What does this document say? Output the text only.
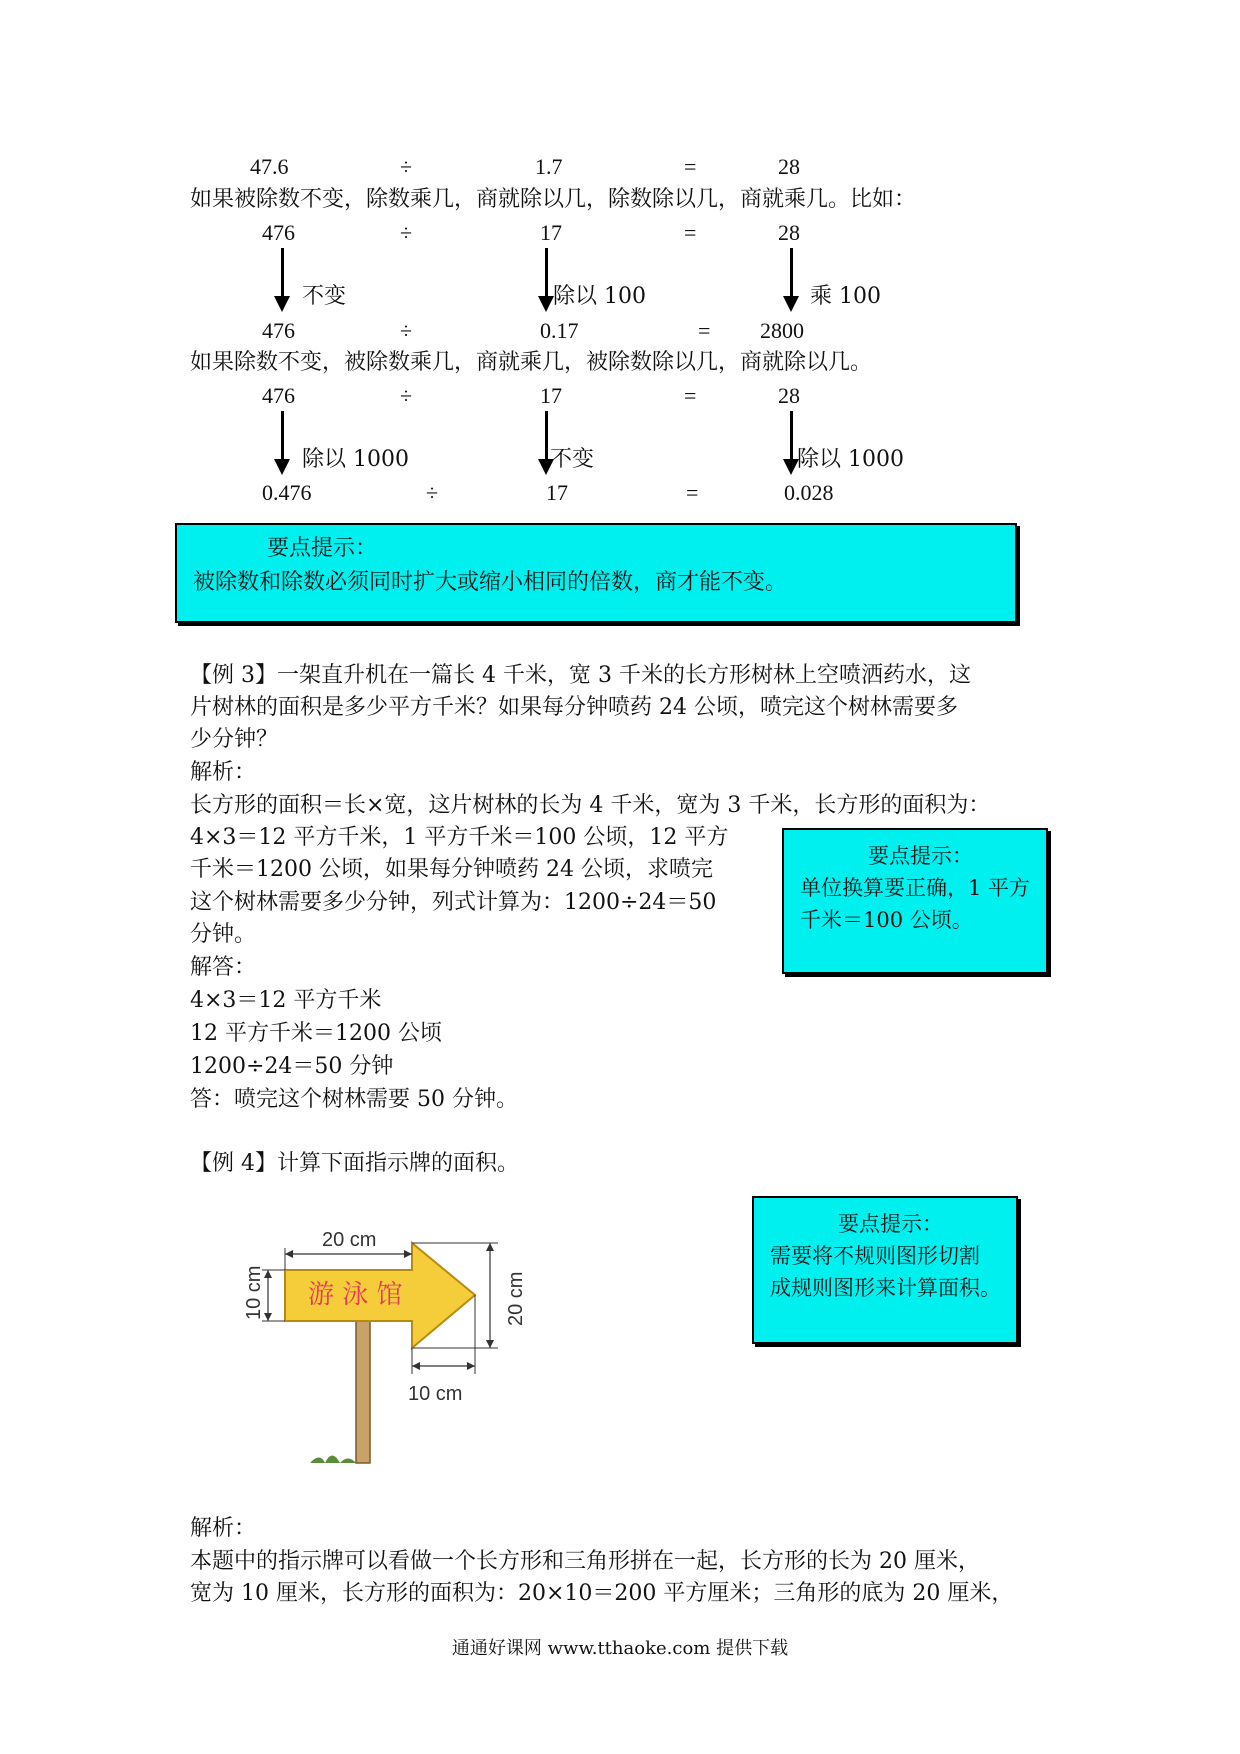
47.6	÷	1.7	=	28
如果被除数不变，除数乘几，商就除以几，除数除以几，商就乘几。比如：
476	÷	17	=	28
不变	除以 100	乘 100
476	÷	0.17	= 2800
如果除数不变，被除数乘几，商就乘几，被除数除以几，商就除以几。
476	÷	17	=	28
除以 1000	不变	除以 1000
0.476	÷	17	=	0.028
要点提示：
被除数和除数必须同时扩大或缩小相同的倍数，商才能不变。
【例 3】一架直升机在一篇长 4 千米，宽 3 千米的长方形树林上空喷洒药水，这
片树林的面积是多少平方千米？如果每分钟喷药 24 公顷，喷完这个树林需要多
少分钟？
解析：
长方形的面积＝长×宽，这片树林的长为 4 千米，宽为 3 千米，长方形的面积为：
4×3＝12 平方千米，1 平方千米＝100 公顷，12 平方
千米＝1200 公顷，如果每分钟喷药 24 公顷，求喷完
这个树林需要多少分钟，列式计算为：1200÷24＝50
分钟。
解答：
4×3＝12 平方千米
12 平方千米＝1200 公顷
1200÷24＝50 分钟
答：喷完这个树林需要 50 分钟。
要点提示：
单位换算要正确，1 平方
千米＝100 公顷。
【例 4】计算下面指示牌的面积。
游 泳 馆
20 cm
10 cm	20 cm
10 cm
要点提示：
需要将不规则图形切割
成规则图形来计算面积。
解析：
本题中的指示牌可以看做一个长方形和三角形拼在一起，长方形的长为 20 厘米，
宽为 10 厘米，长方形的面积为：20×10＝200 平方厘米；三角形的底为 20 厘米，
通通好课网 www.tthaoke.com 提供下载
